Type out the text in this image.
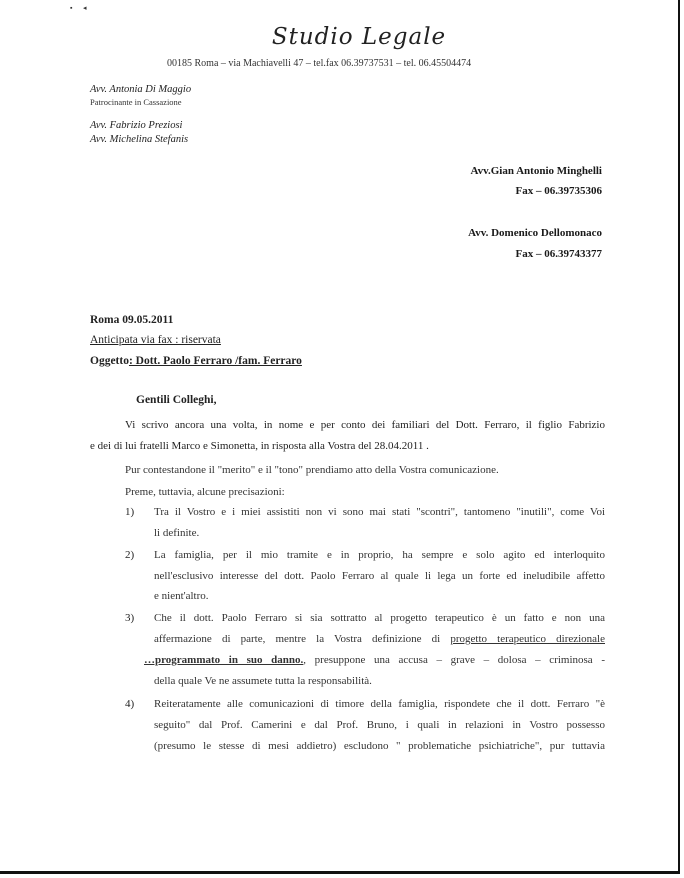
▪      ◂
Studio Legale
00185 Roma – via Machiavelli 47 – tel.fax 06.39737531 – tel. 06.45504474
Avv. Antonia Di Maggio
Patrocinante in Cassazione
Avv. Fabrizio Preziosi
Avv. Michelina Stefanis
Avv.Gian Antonio Minghelli
Fax – 06.39735306
Avv. Domenico Dellomonaco
Fax – 06.39743377
Roma 09.05.2011
Anticipata via fax : riservata
Oggetto: Dott. Paolo Ferraro /fam. Ferraro
Gentili Colleghi,
Vi scrivo ancora una volta, in nome e per conto dei familiari del Dott. Ferraro, il figlio Fabrizio
e dei di lui fratelli Marco e Simonetta, in risposta alla Vostra del 28.04.2011 .
Pur contestandone il "merito" e il "tono" prendiamo atto della Vostra comunicazione.
Preme, tuttavia, alcune precisazioni:
1) Tra il Vostro e i miei assistiti non vi sono mai stati "scontri", tantomeno "inutili", come Voi
li definite.
2) La famiglia, per il mio tramite e in proprio, ha sempre e solo agito ed interloquito
nell'esclusivo interesse del dott. Paolo Ferraro al quale li lega un forte ed ineludibile affetto
e nient'altro.
3) Che il dott. Paolo Ferraro si sia sottratto al progetto terapeutico è un fatto e non una
affermazione di parte, mentre la Vostra definizione di progetto terapeutico direzionale
…programmato in suo danno., presuppone una accusa – grave – dolosa – criminosa -
della quale Ve ne assumete tutta la responsabilità.
4) Reiteratamente alle comunicazioni di timore della famiglia, rispondete che il dott. Ferraro "è
seguito" dal Prof. Camerini e dal Prof. Bruno, i quali in relazioni in Vostro possesso
(presumo le stesse di mesi addietro) escludono " problematiche psichiatriche", pur tuttavia
